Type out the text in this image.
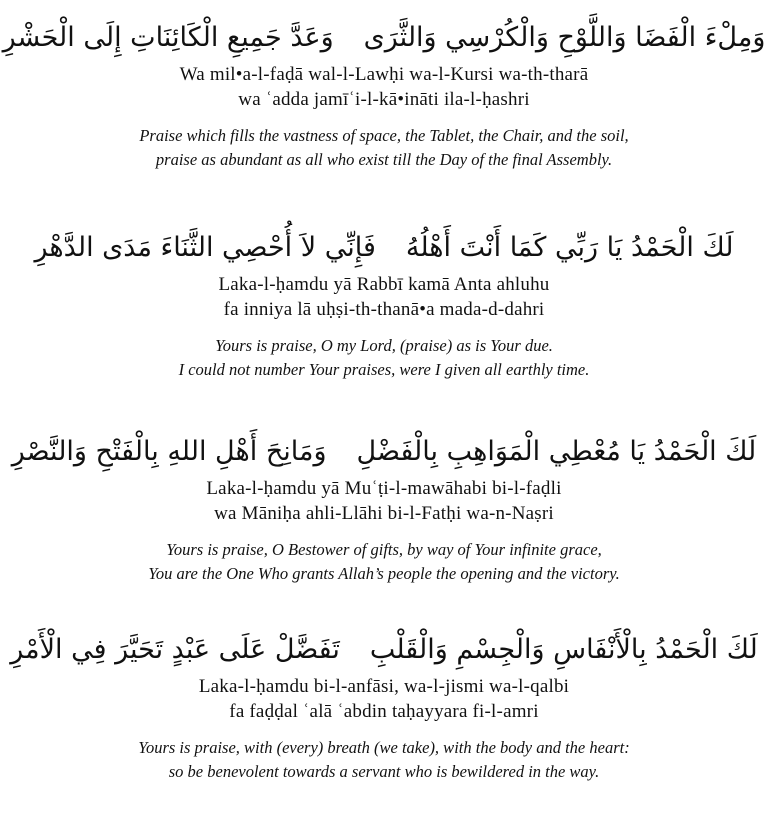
وَمِلْءَ الْفَضَا وَاللَّوْحِ وَالْكُرْسِي وَالثَّرَىوَعَدَّ جَمِيعِ الْكَائِنَاتِ إِلَى الْحَشْرِ
Wa mil•a-l-faḍā wal-l-Lawḥi wa-l-Kursi wa-th-tharā
wa ʿadda jamīʿi-l-kā•ināti ila-l-ḥashri
Praise which fills the vastness of space, the Tablet, the Chair, and the soil,
praise as abundant as all who exist till the Day of the final Assembly.
لَكَ الْحَمْدُ يَا رَبِّي كَمَا أَنْتَ أَهْلُهُفَإِنِّي لاَ أُحْصِي الثَّنَاءَ مَدَى الدَّهْرِ
Laka-l-ḥamdu yā Rabbī kamā Anta ahluhu
fa inniya lā uḥṣi-th-thanā•a mada-d-dahri
Yours is praise, O my Lord, (praise) as is Your due.
I could not number Your praises, were I given all earthly time.
لَكَ الْحَمْدُ يَا مُعْطِي الْمَوَاهِبِ بِالْفَضْلِوَمَانِحَ أَهْلِ اللهِ بِالْفَتْحِ وَالنَّصْرِ
Laka-l-ḥamdu yā Muʿṭi-l-mawāhabi bi-l-faḍli
wa Māniḥa ahli-Llāhi bi-l-Fatḥi wa-n-Naṣri
Yours is praise, O Bestower of gifts, by way of Your infinite grace,
You are the One Who grants Allah’s people the opening and the victory.
لَكَ الْحَمْدُ بِالْأَنْفَاسِ وَالْجِسْمِ وَالْقَلْبِتَفَضَّلْ عَلَى عَبْدٍ تَحَيَّرَ فِي الْأَمْرِ
Laka-l-ḥamdu bi-l-anfāsi, wa-l-jismi wa-l-qalbi
fa faḍḍal ʿalā ʿabdin taḥayyara fi-l-amri
Yours is praise, with (every) breath (we take), with the body and the heart:
so be benevolent towards a servant who is bewildered in the way.
